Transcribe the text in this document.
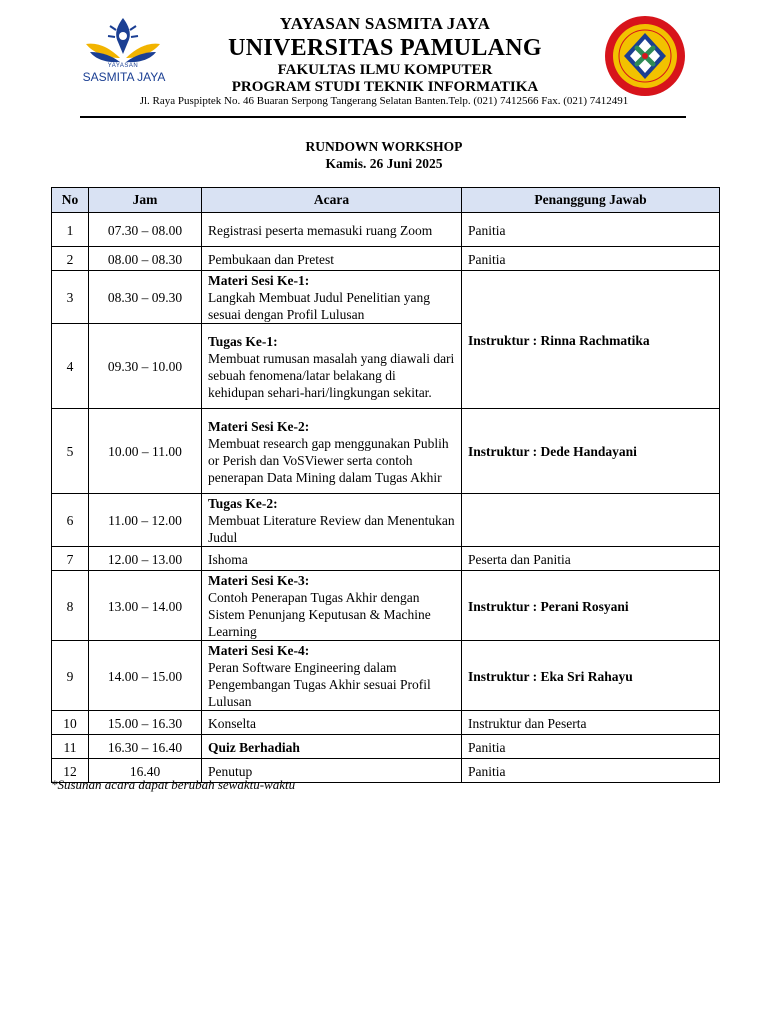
YAYASAN
SASMITA JAYA
YAYASAN SASMITA JAYA
UNIVERSITAS PAMULANG
FAKULTAS ILMU KOMPUTER
PROGRAM STUDI TEKNIK INFORMATIKA
Jl. Raya Puspiptek No. 46 Buaran Serpong Tangerang Selatan Banten.Telp. (021) 7412566 Fax. (021) 7412491
RUNDOWN WORKSHOP
Kamis. 26 Juni 2025
No	Jam	Acara	Penanggung Jawab
1	07.30 – 08.00	Registrasi peserta memasuki ruang Zoom	Panitia
2	08.00 – 08.30	Pembukaan dan Pretest	Panitia
3	08.30 – 09.30	Materi Sesi Ke-1:
Langkah Membuat Judul Penelitian yang sesuai dengan Profil Lulusan	Instruktur : Rinna Rachmatika
4	09.30 – 10.00	Tugas Ke-1:
Membuat rumusan masalah yang diawali dari sebuah fenomena/latar belakang di kehidupan sehari-hari/lingkungan sekitar.	

5	10.00 – 11.00	Materi Sesi Ke-2:
Membuat research gap menggunakan Publih or Perish dan VoSViewer serta contoh penerapan Data Mining dalam Tugas Akhir	Instruktur : Dede Handayani
6	11.00 – 12.00	Tugas Ke-2:
Membuat Literature Review dan Menentukan Judul	

7	12.00 – 13.00	Ishoma	Peserta dan Panitia
8	13.00 – 14.00	Materi Sesi Ke-3:
Contoh Penerapan Tugas Akhir dengan Sistem Penunjang Keputusan & Machine Learning	Instruktur : Perani Rosyani
9	14.00 – 15.00	Materi Sesi Ke-4:
Peran Software Engineering dalam Pengembangan Tugas Akhir sesuai Profil Lulusan	Instruktur : Eka Sri Rahayu
10	15.00 – 16.30	Konselta	Instruktur dan Peserta
11	16.30 – 16.40	Quiz Berhadiah	Panitia
12	16.40	Penutup	Panitia
*Susunan acara dapat berubah sewaktu-waktu
